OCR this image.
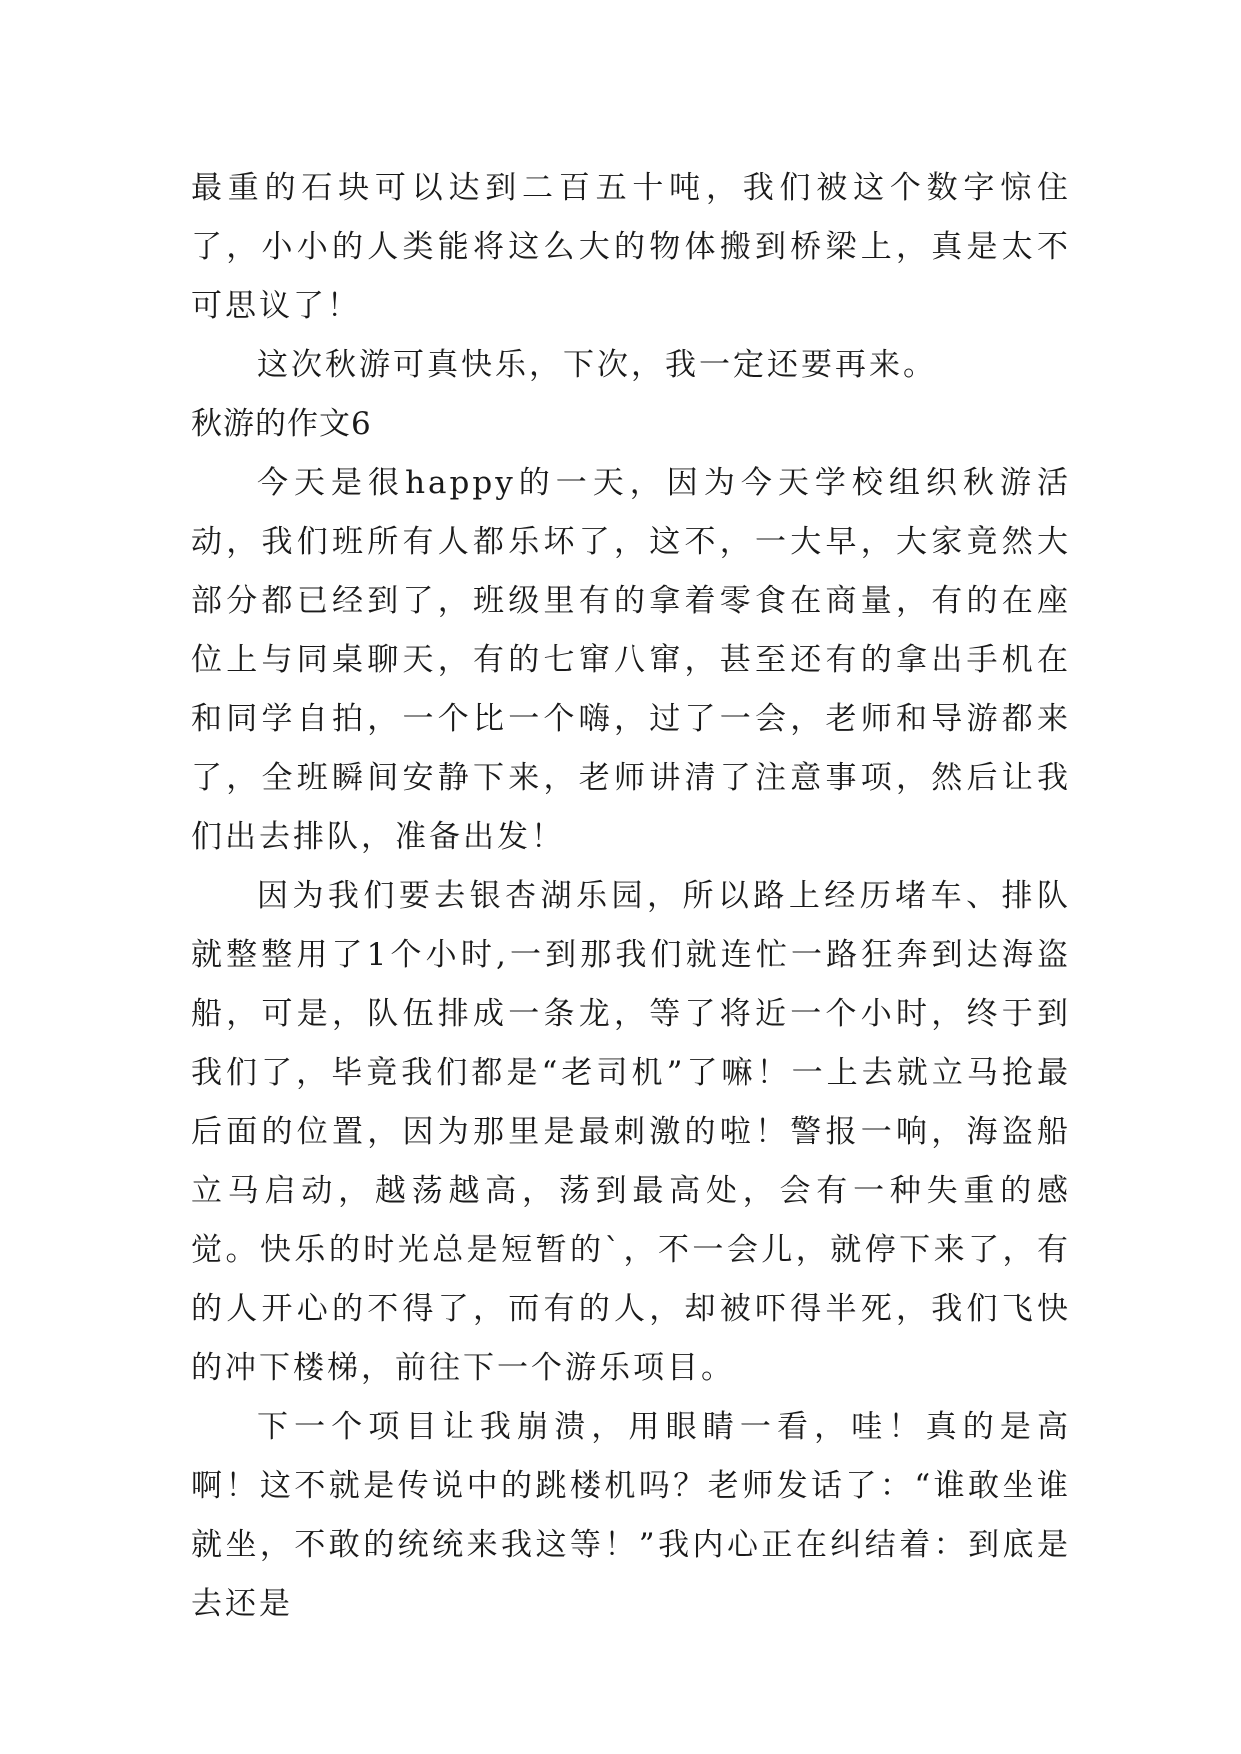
最重的石块可以达到二百五十吨，我们被这个数字惊住了，小小的人类能将这么大的物体搬到桥梁上，真是太不可思议了！

这次秋游可真快乐，下次，我一定还要再来。

秋游的作文6

今天是很happy的一天，因为今天学校组织秋游活动，我们班所有人都乐坏了，这不，一大早，大家竟然大部分都已经到了，班级里有的拿着零食在商量，有的在座位上与同桌聊天，有的七窜八窜，甚至还有的拿出手机在和同学自拍，一个比一个嗨，过了一会，老师和导游都来了，全班瞬间安静下来，老师讲清了注意事项，然后让我们出去排队，准备出发！

因为我们要去银杏湖乐园，所以路上经历堵车、排队就整整用了1个小时,一到那我们就连忙一路狂奔到达海盗船，可是，队伍排成一条龙，等了将近一个小时，终于到我们了，毕竟我们都是“老司机”了嘛！一上去就立马抢最后面的位置，因为那里是最刺激的啦！警报一响，海盗船立马启动，越荡越高，荡到最高处，会有一种失重的感觉。快乐的时光总是短暂的`，不一会儿，就停下来了，有的人开心的不得了，而有的人，却被吓得半死，我们飞快的冲下楼梯，前往下一个游乐项目。

下一个项目让我崩溃，用眼睛一看，哇！真的是高啊！这不就是传说中的跳楼机吗？老师发话了：“谁敢坐谁就坐，不敢的统统来我这等！”我内心正在纠结着：到底是去还是
